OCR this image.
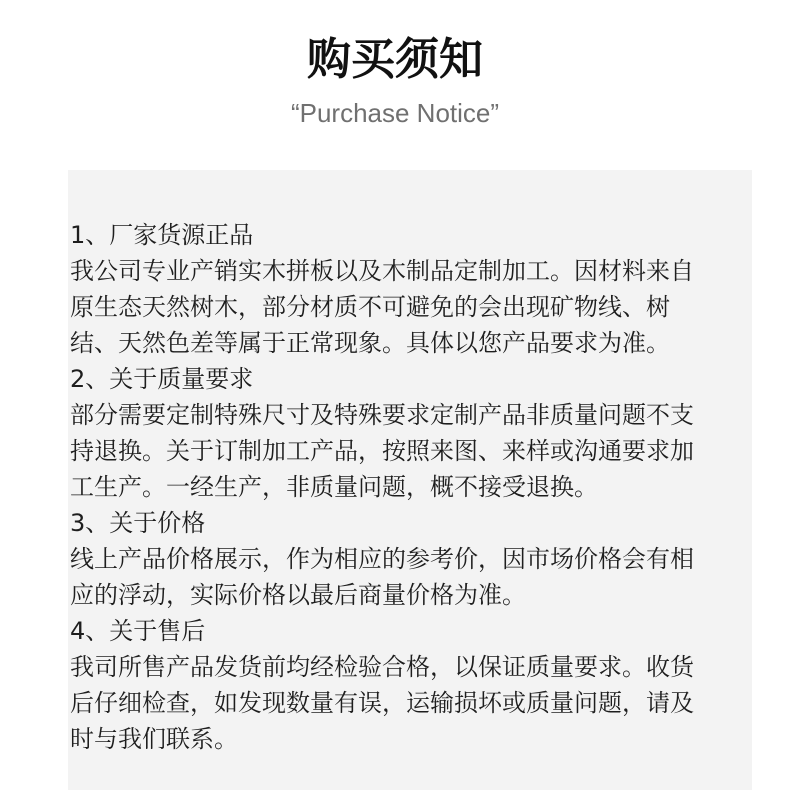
购买须知
“Purchase Notice”
1、厂家货源正品
我公司专业产销实木拼板以及木制品定制加工。因材料来自
原生态天然树木，部分材质不可避免的会出现矿物线、树
结、天然色差等属于正常现象。具体以您产品要求为准。
2、关于质量要求
部分需要定制特殊尺寸及特殊要求定制产品非质量问题不支
持退换。关于订制加工产品，按照来图、来样或沟通要求加
工生产。一经生产，非质量问题，概不接受退换。
3、关于价格
线上产品价格展示，作为相应的参考价，因市场价格会有相
应的浮动，实际价格以最后商量价格为准。
4、关于售后
我司所售产品发货前均经检验合格，以保证质量要求。收货
后仔细检查，如发现数量有误，运输损坏或质量问题，请及
时与我们联系。
